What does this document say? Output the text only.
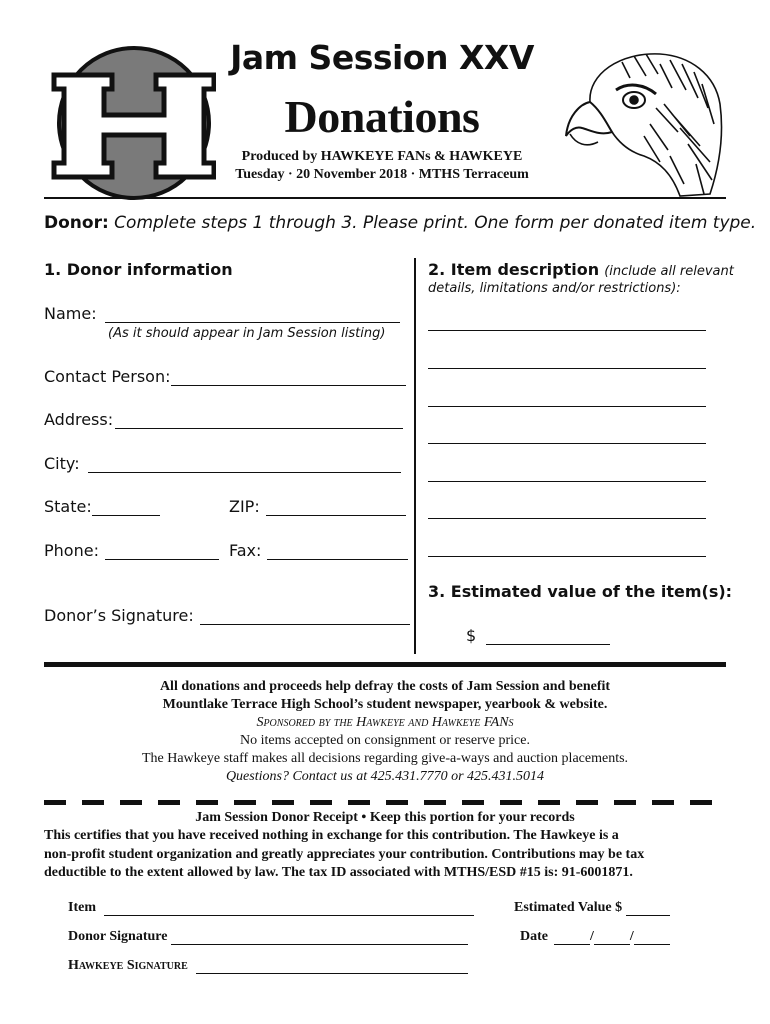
Jam Session XXV
Donations
Produced by HAWKEYE FANs & HAWKEYE
Tuesday · 20 November 2018 · MTHS Terraceum
Donor: Complete steps 1 through 3. Please print. One form per donated item type.
1. Donor information
Name:
(As it should appear in Jam Session listing)
Contact Person:
Address:
City:
State:	ZIP:
Phone:	Fax:
Donor’s Signature:
2. Item description (include all relevant
details, limitations and/or restrictions):
3. Estimated value of the item(s):
$
All donations and proceeds help defray the costs of Jam Session and benefit
Mountlake Terrace High School’s student newspaper, yearbook & website.
Sponsored by the Hawkeye and Hawkeye FANs
No items accepted on consignment or reserve price.
The Hawkeye staff makes all decisions regarding give-a-ways and auction placements.
Questions? Contact us at 425.431.7770 or 425.431.5014
Jam Session Donor Receipt • Keep this portion for your records
This certifies that you have received nothing in exchange for this contribution. The Hawkeye is a
non-profit student organization and greatly appreciates your contribution. Contributions may be tax
deductible to the extent allowed by law. The tax ID associated with MTHS/ESD #15 is: 91-6001871.
Item	Estimated Value $
Donor Signature	Date	/	/
Hawkeye Signature
